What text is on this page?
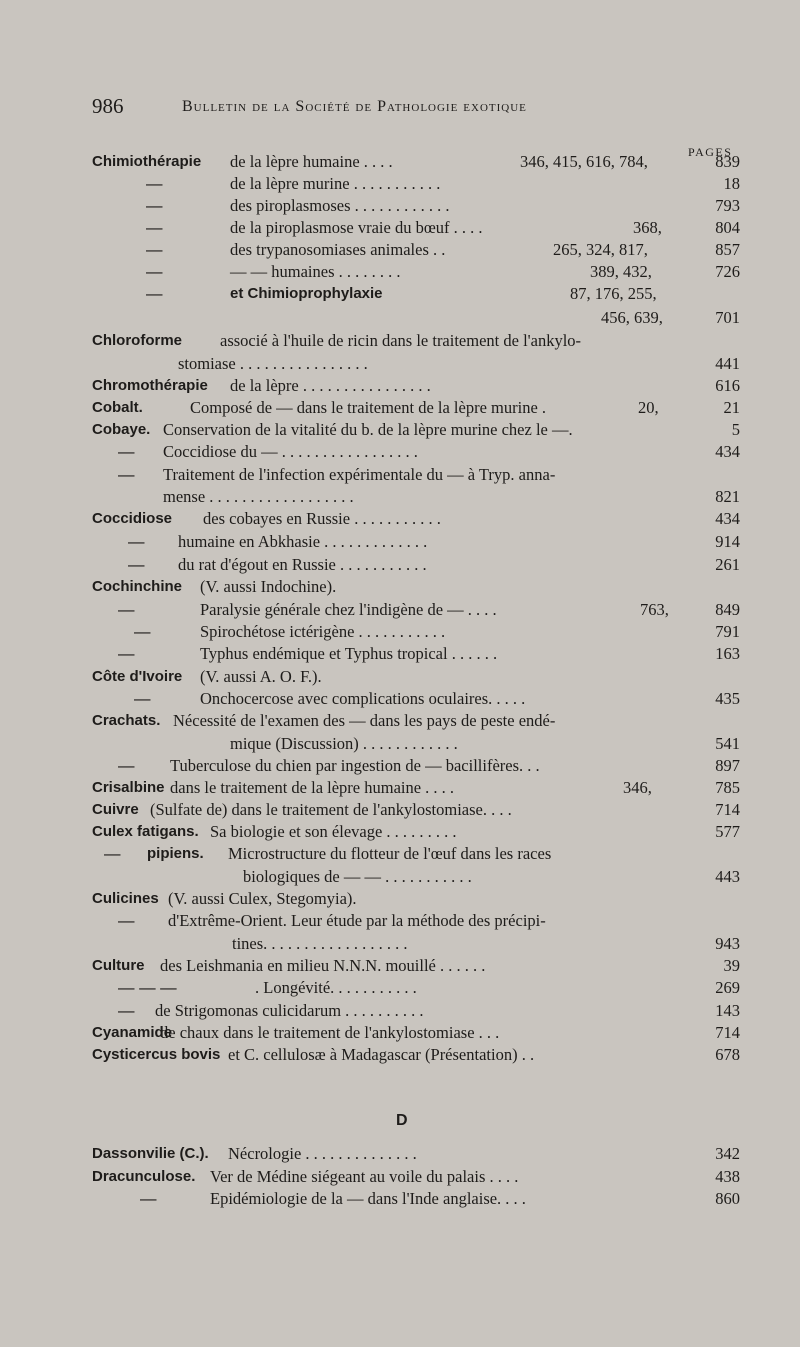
986	Bulletin de la Société de Pathologie exotique
PAGES
D
Chimiothérapie de la lèpre humaine . . . .	346, 415, 616, 784,	839
—	de la lèpre murine . . . . . . . . . . .	18
—	des piroplasmoses . . . . . . . . . . . .	793
—	de la piroplasmose vraie du bœuf . . . .	368,	804
—	des trypanosomiases animales . .	265, 324, 817,	857
—	— — humaines . . . . . . . .	389, 432,	726
—	et Chimioprophylaxie	87, 176, 255,
456, 639,	701
Chloroforme associé à l'huile de ricin dans le traitement de l'ankylo-
stomiase . . . . . . . . . . . . . . . .	441
Chromothérapie de la lèpre . . . . . . . . . . . . . . . .	616
Cobalt.	Composé de — dans le traitement de la lèpre murine .	20,	21
Cobaye. Conservation de la vitalité du b. de la lèpre murine chez le —.	5
— Coccidiose du — . . . . . . . . . . . . . . . . .	434
— Traitement de l'infection expérimentale du — à Tryp. anna-
mense . . . . . . . . . . . . . . . . . .	821
Coccidiose des cobayes en Russie . . . . . . . . . . .	434
— humaine en Abkhasie . . . . . . . . . . . . .	914
— du rat d'égout en Russie . . . . . . . . . . .	261
Cochinchine (V. aussi Indochine).
—	Paralysie générale chez l'indigène de — . . . .	763,	849
—	Spirochétose ictérigène . . . . . . . . . . .	791
—	Typhus endémique et Typhus tropical . . . . . .	163
Côte d'Ivoire (V. aussi A. O. F.).
—	Onchocercose avec complications oculaires. . . . .	435
Crachats. Nécessité de l'examen des — dans les pays de peste endé-
mique (Discussion) . . . . . . . . . . . .	541
— Tuberculose du chien par ingestion de — bacillifères. . .	897
Crisalbine dans le traitement de la lèpre humaine . . . .	346,	785
Cuivre (Sulfate de) dans le traitement de l'ankylostomiase. . . .	714
Culex fatigans. Sa biologie et son élevage . . . . . . . . .	577
— pipiens. Microstructure du flotteur de l'œuf dans les races
biologiques de — — . . . . . . . . . . .	443
Culicines (V. aussi Culex, Stegomyia).
— d'Extrême-Orient. Leur étude par la méthode des précipi-
tines. . . . . . . . . . . . . . . . . .	943
Culture des Leishmania en milieu N.N.N. mouillé . . . . . .	39
— — —	. Longévité. . . . . . . . . . .	269
— de Strigomonas culicidarum . . . . . . . . . .	143
Cyanamide
de chaux dans le traitement de l'ankylostomiase . . .	714
Cysticercus bovis et C. cellulosæ à Madagascar (Présentation) . .	678
Dassonvilie (C.). Nécrologie . . . . . . . . . . . . . .	342
Dracunculose. Ver de Médine siégeant au voile du palais . . . .	438
—	Epidémiologie de la — dans l'Inde anglaise. . . .	860
